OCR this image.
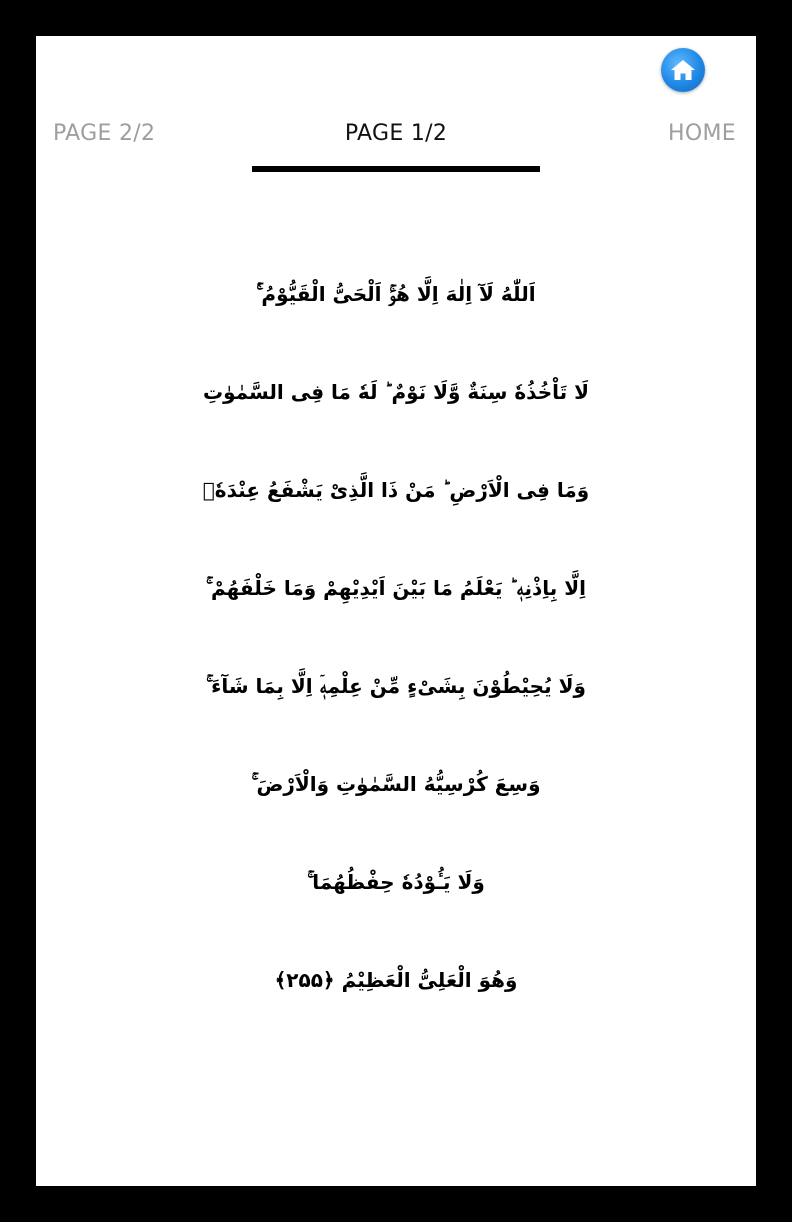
PAGE 2/2	PAGE 1/2	HOME
اَللّٰهُ لَآ اِلٰهَ اِلَّا هُوَۚ اَلْحَیُّ الْقَیُّوْمُ ۚ۬
لَا تَاْخُذُهٗ سِنَةٌ وَّلَا نَوْمٌ ؕ لَهٗ مَا فِی السَّمٰوٰتِ
وَمَا فِی الْاَرْضِ ؕ مَنْ ذَا الَّذِیْ یَشْفَعُ عِنْدَهٗۤ
اِلَّا بِاِذْنِهٖ ؕ یَعْلَمُ مَا بَیْنَ اَیْدِیْهِمْ وَمَا خَلْفَهُمْ ۚ
وَلَا یُحِیْطُوْنَ بِشَیْءٍ مِّنْ عِلْمِهٖۤ اِلَّا بِمَا شَآءَ ۚ
وَسِعَ كُرْسِیُّهُ السَّمٰوٰتِ وَالْاَرْضَ ۚ
وَلَا یَـُٔوْدُهٗ حِفْظُهُمَا ۚ
وَهُوَ الْعَلِیُّ الْعَظِیْمُ ﴿۲۵۵﴾
